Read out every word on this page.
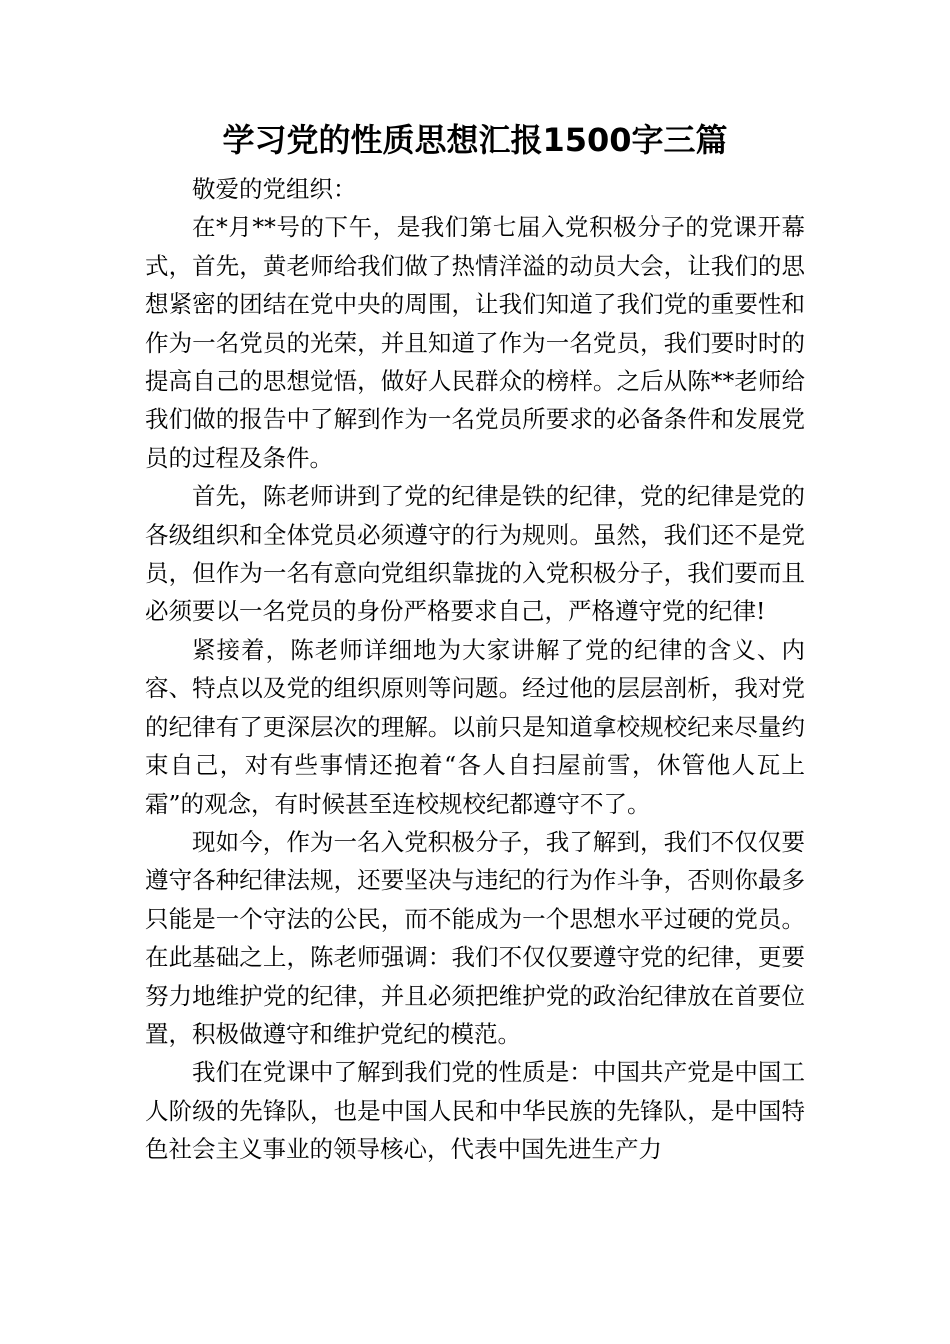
学习党的性质思想汇报1500字三篇

敬爱的党组织：

在*月**号的下午，是我们第七届入党积极分子的党课开幕式，首先，黄老师给我们做了热情洋溢的动员大会，让我们的思想紧密的团结在党中央的周围，让我们知道了我们党的重要性和作为一名党员的光荣，并且知道了作为一名党员，我们要时时的提高自己的思想觉悟，做好人民群众的榜样。之后从陈**老师给我们做的报告中了解到作为一名党员所要求的必备条件和发展党员的过程及条件。

首先，陈老师讲到了党的纪律是铁的纪律，党的纪律是党的各级组织和全体党员必须遵守的行为规则。虽然，我们还不是党员，但作为一名有意向党组织靠拢的入党积极分子，我们要而且必须要以一名党员的身份严格要求自己，严格遵守党的纪律!

紧接着，陈老师详细地为大家讲解了党的纪律的含义、内容、特点以及党的组织原则等问题。经过他的层层剖析，我对党的纪律有了更深层次的理解。以前只是知道拿校规校纪来尽量约束自己，对有些事情还抱着“各人自扫屋前雪，休管他人瓦上霜”的观念，有时候甚至连校规校纪都遵守不了。

现如今，作为一名入党积极分子，我了解到，我们不仅仅要遵守各种纪律法规，还要坚决与违纪的行为作斗争，否则你最多只能是一个守法的公民，而不能成为一个思想水平过硬的党员。在此基础之上，陈老师强调：我们不仅仅要遵守党的纪律，更要努力地维护党的纪律，并且必须把维护党的政治纪律放在首要位置，积极做遵守和维护党纪的模范。

我们在党课中了解到我们党的性质是：中国共产党是中国工人阶级的先锋队，也是中国人民和中华民族的先锋队，是中国特色社会主义事业的领导核心，代表中国先进生产力
